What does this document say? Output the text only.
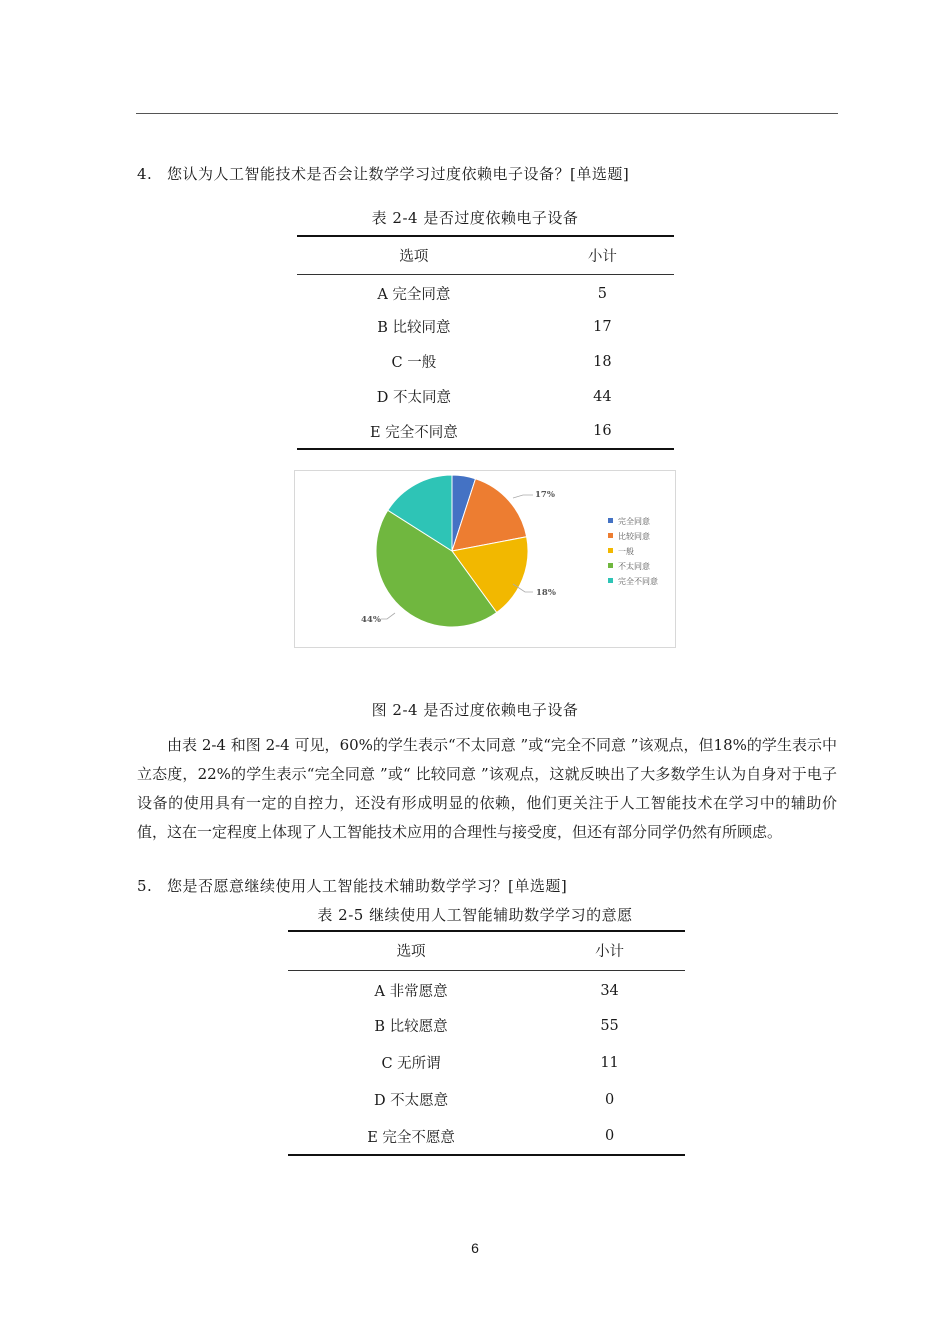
4. 您认为人工智能技术是否会让数学学习过度依赖电子设备？[单选题]
表 2-4 是否过度依赖电子设备
选项	小计
A 完全同意	5
B 比较同意	17
C 一般	18
D 不太同意	44
E 完全不同意	16
17%
18%
44%
完全同意
比较同意
一般
不太同意
完全不同意
图 2-4 是否过度依赖电子设备

由表 2-4 和图 2-4 可见，60%的学生表示“不太同意 ”或“完全不同意 ”该观点，但18%的学生表示中立态度，22%的学生表示“完全同意 ”或“ 比较同意 ”该观点，这就反映出了大多数学生认为自身对于电子设备的使用具有一定的自控力，还没有形成明显的依赖，他们更关注于人工智能技术在学习中的辅助价值，这在一定程度上体现了人工智能技术应用的合理性与接受度，但还有部分同学仍然有所顾虑。

5. 您是否愿意继续使用人工智能技术辅助数学学习？[单选题]
表 2-5 继续使用人工智能辅助数学学习的意愿
选项	小计
A 非常愿意	34
B 比较愿意	55
C 无所谓	11
D 不太愿意	0
E 完全不愿意	0
6
